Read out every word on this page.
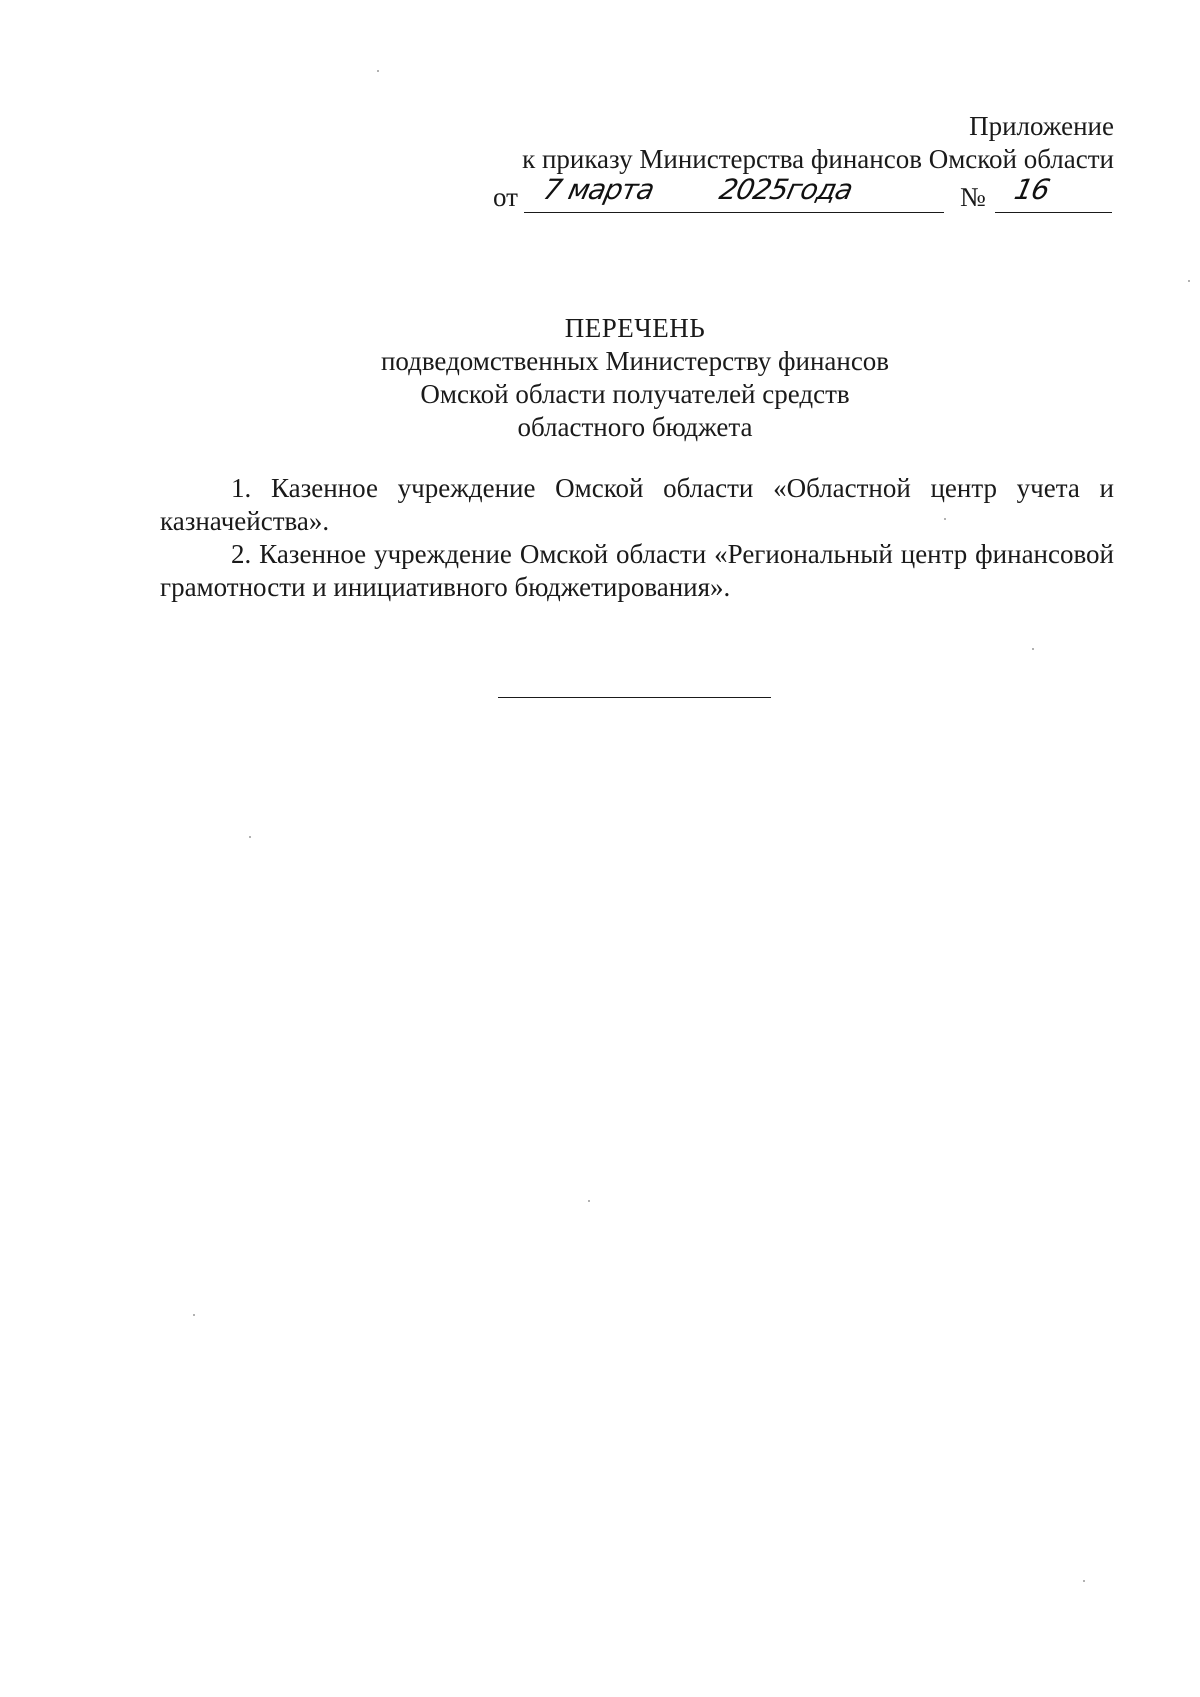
Приложение
к приказу Министерства финансов Омской области
от 7 марта 2025года	№ 16
ПЕРЕЧЕНЬ
подведомственных Министерству финансов
Омской области получателей средств
областного бюджета

1. Казенное учреждение Омской области «Областной центр учета и казначейства».

2. Казенное учреждение Омской области «Региональный центр финансовой грамотности и инициативного бюджетирования».
